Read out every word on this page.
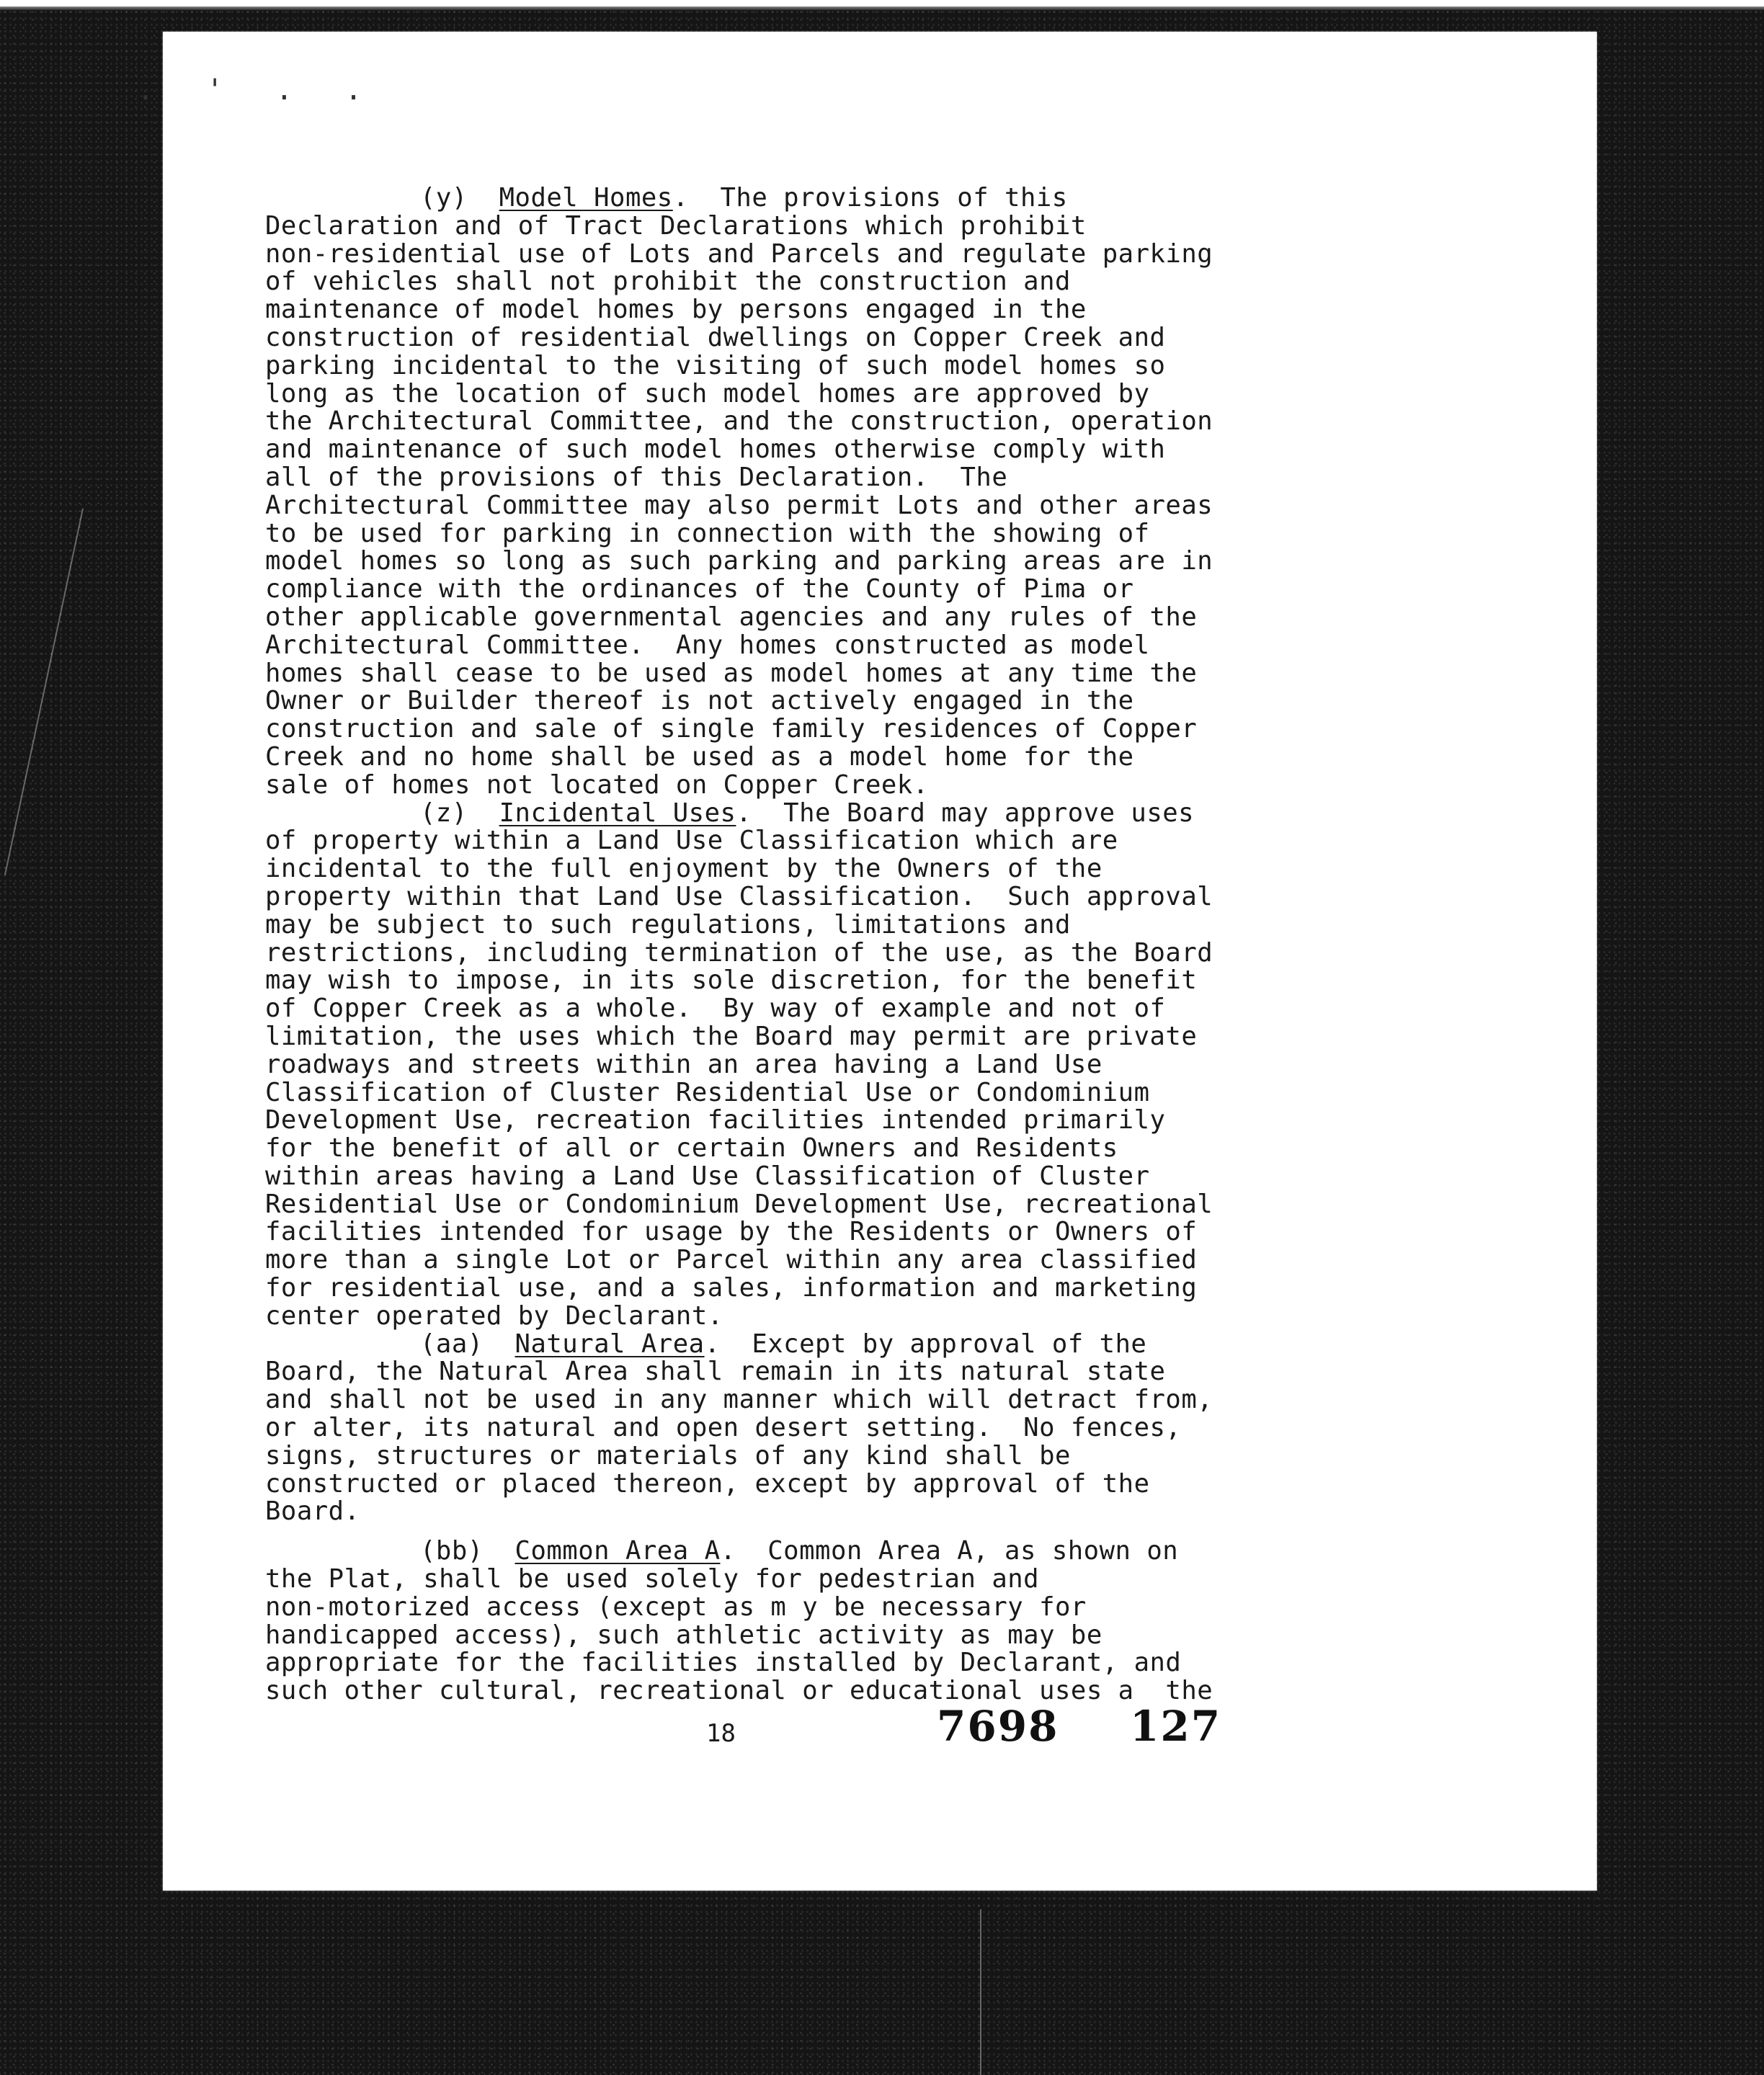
. ' . .
(y) Model Homes.  The provisions of this
Declaration and of Tract Declarations which prohibit
non-residential use of Lots and Parcels and regulate parking
of vehicles shall not prohibit the construction and
maintenance of model homes by persons engaged in the
construction of residential dwellings on Copper Creek and
parking incidental to the visiting of such model homes so
long as the location of such model homes are approved by
the Architectural Committee, and the construction, operation
and maintenance of such model homes otherwise comply with
all of the provisions of this Declaration.  The
Architectural Committee may also permit Lots and other areas
to be used for parking in connection with the showing of
model homes so long as such parking and parking areas are in
compliance with the ordinances of the County of Pima or
other applicable governmental agencies and any rules of the
Architectural Committee.  Any homes constructed as model
homes shall cease to be used as model homes at any time the
Owner or Builder thereof is not actively engaged in the
construction and sale of single family residences of Copper
Creek and no home shall be used as a model home for the
sale of homes not located on Copper Creek.
(z) Incidental Uses.  The Board may approve uses
of property within a Land Use Classification which are
incidental to the full enjoyment by the Owners of the
property within that Land Use Classification.  Such approval
may be subject to such regulations, limitations and
restrictions, including termination of the use, as the Board
may wish to impose, in its sole discretion, for the benefit
of Copper Creek as a whole.  By way of example and not of
limitation, the uses which the Board may permit are private
roadways and streets within an area having a Land Use
Classification of Cluster Residential Use or Condominium
Development Use, recreation facilities intended primarily
for the benefit of all or certain Owners and Residents
within areas having a Land Use Classification of Cluster
Residential Use or Condominium Development Use, recreational
facilities intended for usage by the Residents or Owners of
more than a single Lot or Parcel within any area classified
for residential use, and a sales, information and marketing
center operated by Declarant.
(aa) Natural Area.  Except by approval of the
Board, the Natural Area shall remain in its natural state
and shall not be used in any manner which will detract from,
or alter, its natural and open desert setting.  No fences,
signs, structures or materials of any kind shall be
constructed or placed thereon, except by approval of the
Board.
(bb) Common Area A.  Common Area A, as shown on
the Plat, shall be used solely for pedestrian and
non-motorized access (except as m y be necessary for
handicapped access), such athletic activity as may be
appropriate for the facilities installed by Declarant, and
such other cultural, recreational or educational uses a  the
18	7698 127
